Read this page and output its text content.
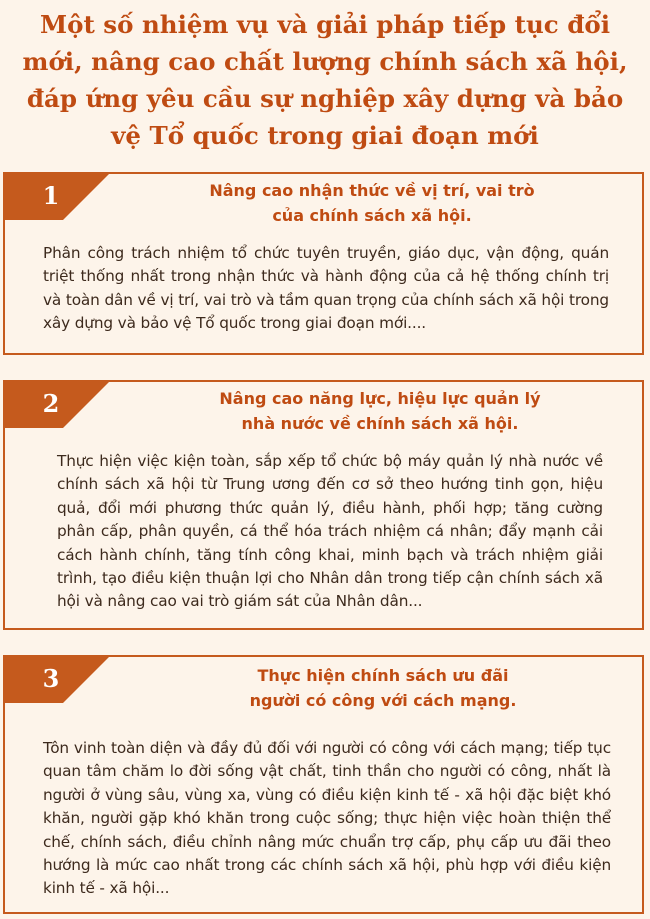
Một số nhiệm vụ và giải pháp tiếp tục đổi mới, nâng cao chất lượng chính sách xã hội, đáp ứng yêu cầu sự nghiệp xây dựng và bảo vệ Tổ quốc trong giai đoạn mới
1	Nâng cao nhận thức về vị trí, vai trò của chính sách xã hội.

Phân công trách nhiệm tổ chức tuyên truyền, giáo dục, vận động, quán triệt thống nhất trong nhận thức và hành động của cả hệ thống chính trị và toàn dân về vị trí, vai trò và tầm quan trọng của chính sách xã hội trong xây dựng và bảo vệ Tổ quốc trong giai đoạn mới....

2	Nâng cao năng lực, hiệu lực quản lý nhà nước về chính sách xã hội.

Thực hiện việc kiện toàn, sắp xếp tổ chức bộ máy quản lý nhà nước về chính sách xã hội từ Trung ương đến cơ sở theo hướng tinh gọn, hiệu quả, đổi mới phương thức quản lý, điều hành, phối hợp; tăng cường phân cấp, phân quyền, cá thể hóa trách nhiệm cá nhân; đẩy mạnh cải cách hành chính, tăng tính công khai, minh bạch và trách nhiệm giải trình, tạo điều kiện thuận lợi cho Nhân dân trong tiếp cận chính sách xã hội và nâng cao vai trò giám sát của Nhân dân...

3	Thực hiện chính sách ưu đãi người có công với cách mạng.

Tôn vinh toàn diện và đầy đủ đối với người có công với cách mạng; tiếp tục quan tâm chăm lo đời sống vật chất, tinh thần cho người có công, nhất là người ở vùng sâu, vùng xa, vùng có điều kiện kinh tế - xã hội đặc biệt khó khăn, người gặp khó khăn trong cuộc sống; thực hiện việc hoàn thiện thể chế, chính sách, điều chỉnh nâng mức chuẩn trợ cấp, phụ cấp ưu đãi theo hướng là mức cao nhất trong các chính sách xã hội, phù hợp với điều kiện kinh tế - xã hội...
